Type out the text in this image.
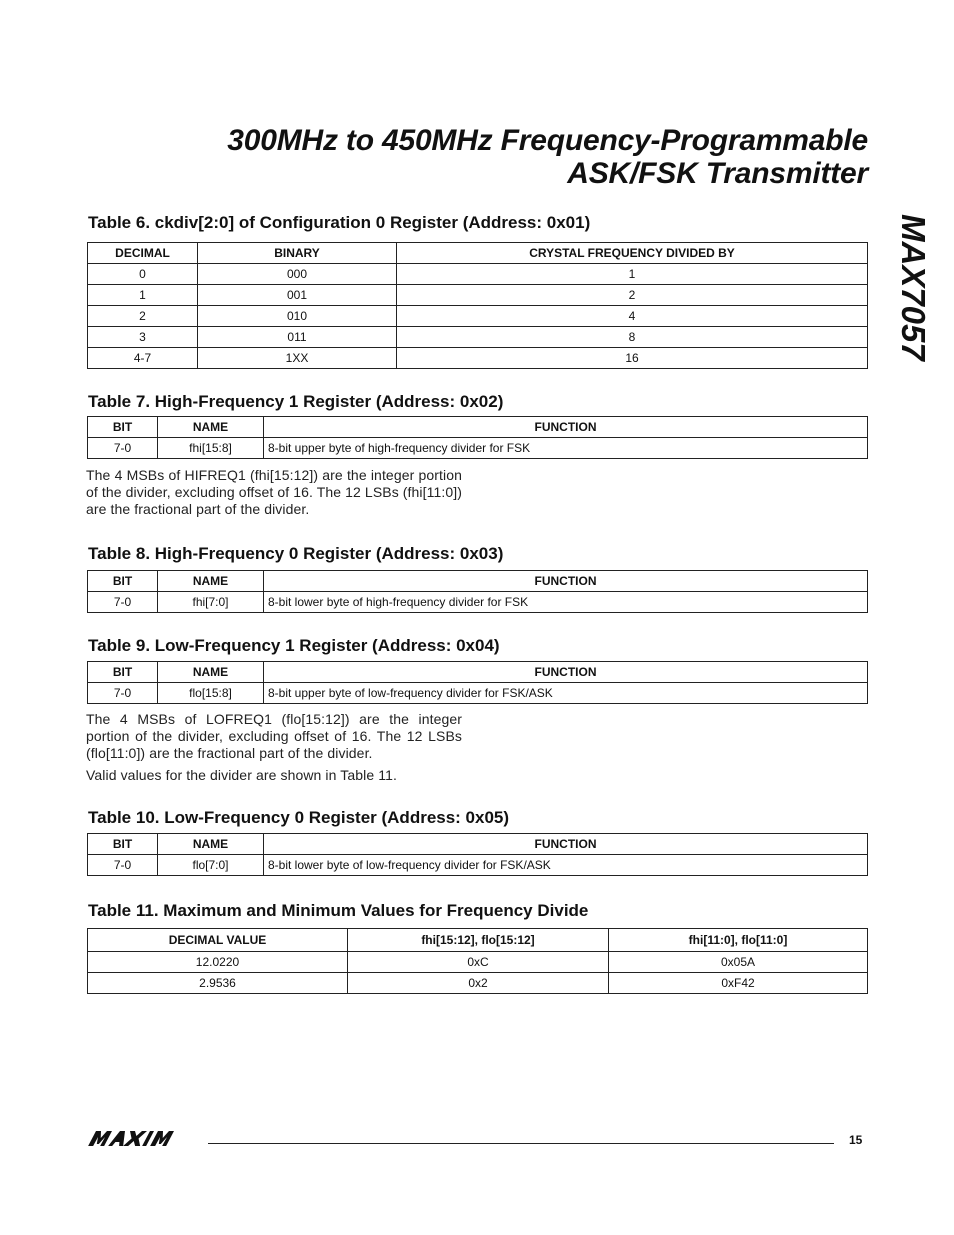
300MHz to 450MHz Frequency-Programmable
ASK/FSK Transmitter
MAX7057
Table 6. ckdiv[2:0] of Configuration 0 Register (Address: 0x01)
DECIMAL	BINARY	CRYSTAL FREQUENCY DIVIDED BY
0	000	1
1	001	2
2	010	4
3	011	8
4-7	1XX	16
Table 7. High-Frequency 1 Register (Address: 0x02)
BIT	NAME	FUNCTION
7-0	fhi[15:8]	8-bit upper byte of high-frequency divider for FSK

The 4 MSBs of HIFREQ1 (fhi[15:12]) are the integer portion of the divider, excluding offset of 16. The 12 LSBs (fhi[11:0]) are the fractional part of the divider.

Table 8. High-Frequency 0 Register (Address: 0x03)
BIT	NAME	FUNCTION
7-0	fhi[7:0]	8-bit lower byte of high-frequency divider for FSK
Table 9. Low-Frequency 1 Register (Address: 0x04)
BIT	NAME	FUNCTION
7-0	flo[15:8]	8-bit upper byte of low-frequency divider for FSK/ASK

The 4 MSBs of LOFREQ1 (flo[15:12]) are the integer portion of the divider, excluding offset of 16. The 12 LSBs (flo[11:0]) are the fractional part of the divider.

Valid values for the divider are shown in Table 11.

Table 10. Low-Frequency 0 Register (Address: 0x05)
BIT	NAME	FUNCTION
7-0	flo[7:0]	8-bit lower byte of low-frequency divider for FSK/ASK
Table 11. Maximum and Minimum Values for Frequency Divide
DECIMAL VALUE	fhi[15:12], flo[15:12]	fhi[11:0], flo[11:0]
12.0220	0xC	0x05A
2.9536	0x2	0xF42
15
